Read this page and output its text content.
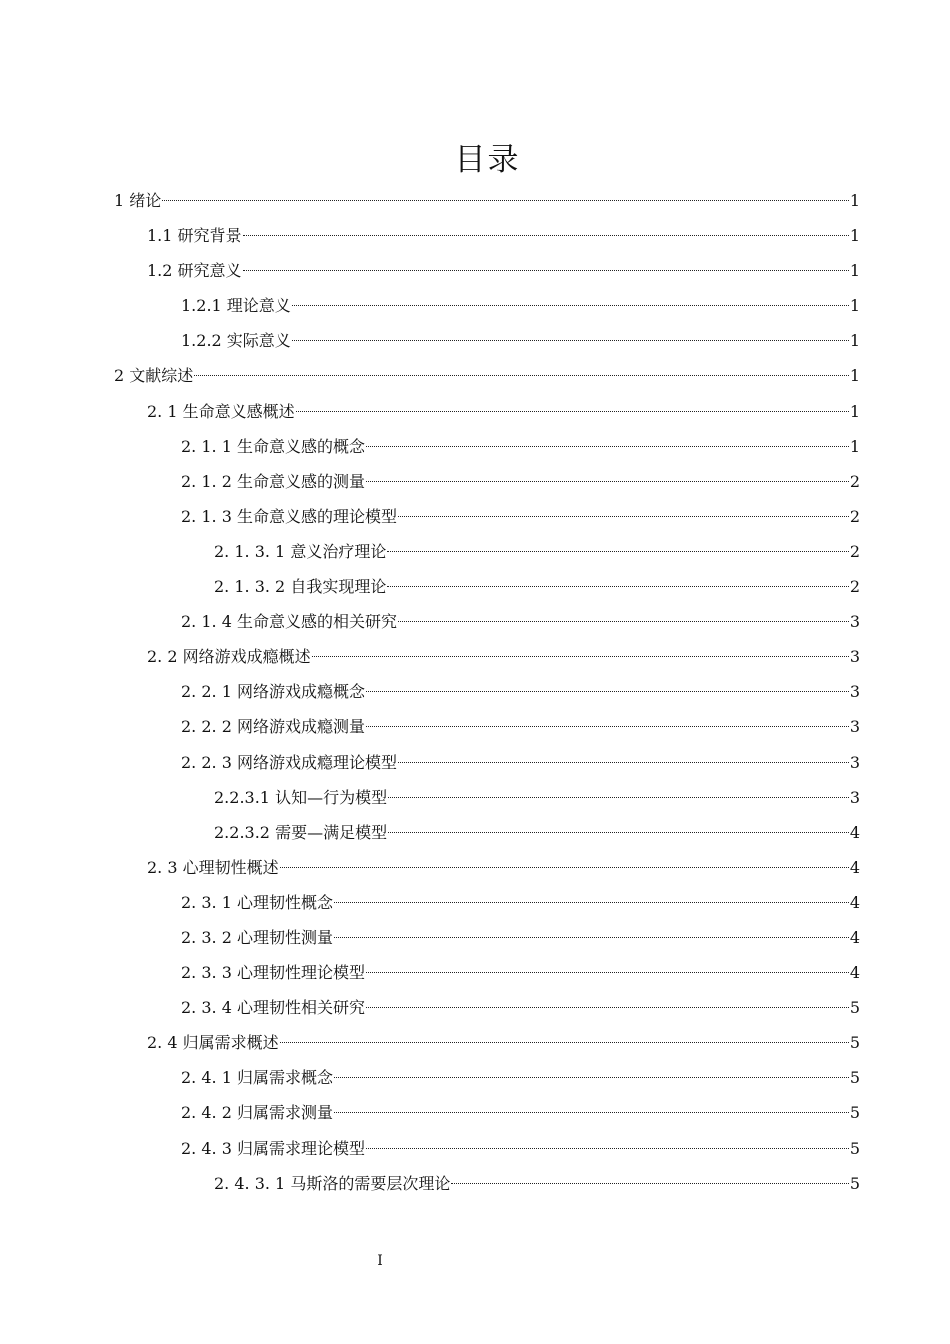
目录
1 绪论	1
1.1 研究背景	1
1.2 研究意义	1
1.2.1 理论意义	1
1.2.2 实际意义	1
2 文献综述	1
2. 1 生命意义感概述	1
2. 1. 1 生命意义感的概念	1
2. 1. 2 生命意义感的测量	2
2. 1. 3 生命意义感的理论模型	2
2. 1. 3. 1 意义治疗理论	2
2. 1. 3. 2 自我实现理论	2
2. 1. 4 生命意义感的相关研究	3
2. 2 网络游戏成瘾概述	3
2. 2. 1 网络游戏成瘾概念	3
2. 2. 2 网络游戏成瘾测量	3
2. 2. 3 网络游戏成瘾理论模型	3
2.2.3.1 认知—行为模型	3
2.2.3.2 需要—满足模型	4
2. 3 心理韧性概述	4
2. 3. 1 心理韧性概念	4
2. 3. 2 心理韧性测量	4
2. 3. 3 心理韧性理论模型	4
2. 3. 4 心理韧性相关研究	5
2. 4 归属需求概述	5
2. 4. 1 归属需求概念	5
2. 4. 2 归属需求测量	5
2. 4. 3 归属需求理论模型	5
2. 4. 3. 1 马斯洛的需要层次理论	5
I
